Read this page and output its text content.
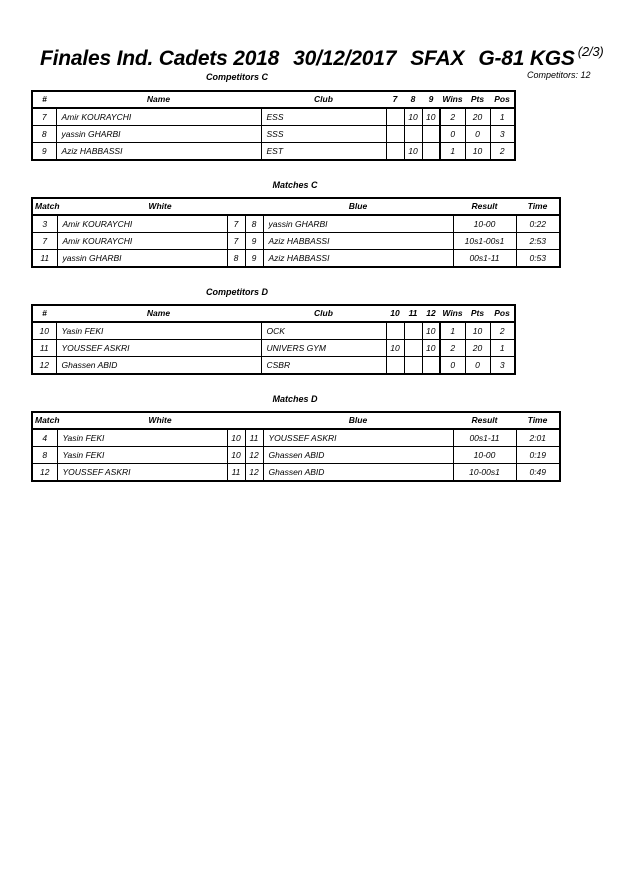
Finales Ind. Cadets 2018 30/12/2017 SFAX G-81 KGS $^{(2/3)}$
Competitors: 12
Competitors C
#	Name	Club	7	8	9	Wins	Pts	Pos
7	Amir KOURAYCHI	ESS		10	10	2	20	1
8	yassin GHARBI	SSS				0	0	3
9	Aziz HABBASSI	EST		10		1	10	2
Matches C
Match	White			Blue	Result	Time
3	Amir KOURAYCHI	7	8	yassin GHARBI	10-00	0:22
7	Amir KOURAYCHI	7	9	Aziz HABBASSI	10s1-00s1	2:53
11	yassin GHARBI	8	9	Aziz HABBASSI	00s1-11	0:53
Competitors D
#	Name	Club	10	11	12	Wins	Pts	Pos
10	Yasin FEKI	OCK			10	1	10	2
11	YOUSSEF ASKRI	UNIVERS GYM	10		10	2	20	1
12	Ghassen ABID	CSBR				0	0	3
Matches D
Match	White			Blue	Result	Time
4	Yasin FEKI	10	11	YOUSSEF ASKRI	00s1-11	2:01
8	Yasin FEKI	10	12	Ghassen ABID	10-00	0:19
12	YOUSSEF ASKRI	11	12	Ghassen ABID	10-00s1	0:49
